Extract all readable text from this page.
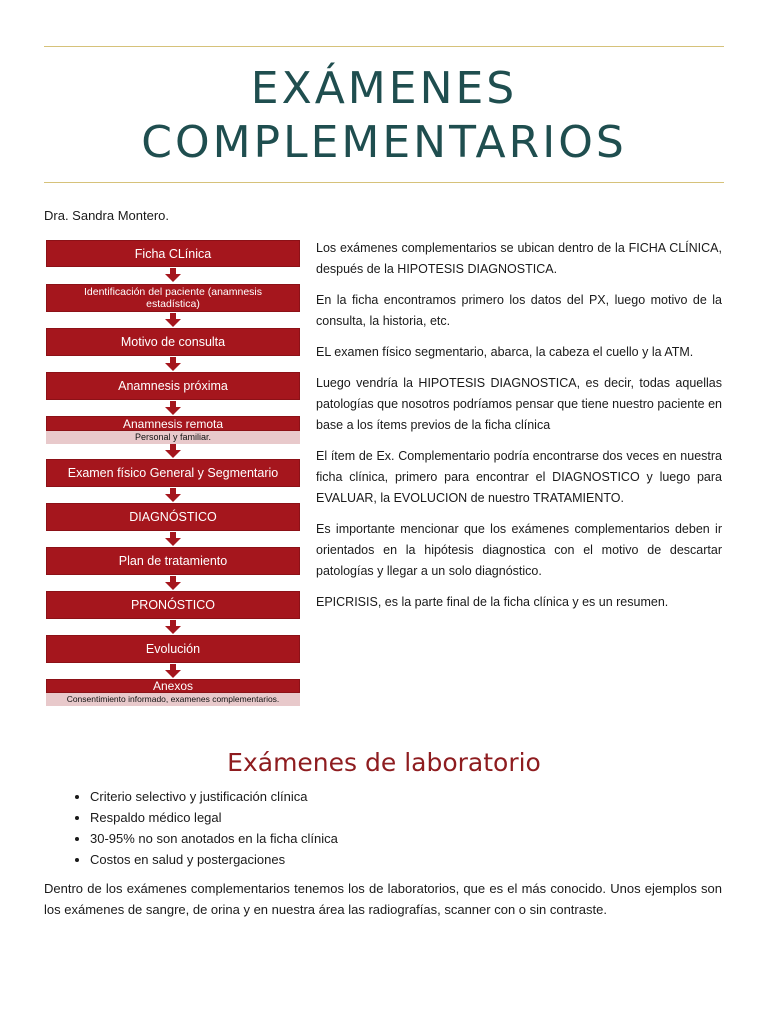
EXÁMENES
COMPLEMENTARIOS
Dra. Sandra Montero.
Ficha CLínica
Identificación del paciente (anamnesis estadística)
Motivo de consulta
Anamnesis próxima
Anamnesis remota
Personal y familiar.
Examen físico General y Segmentario
DIAGNÓSTICO
Plan de tratamiento
PRONÓSTICO
Evolución
Anexos
Consentimiento informado, examenes complementarios.

Los exámenes complementarios se ubican dentro de la FICHA CLÍNICA, después de la HIPOTESIS DIAGNOSTICA.

En la ficha encontramos primero los datos del PX, luego motivo de la consulta, la historia, etc.

EL examen físico segmentario, abarca, la cabeza el cuello y la ATM.

Luego vendría la HIPOTESIS DIAGNOSTICA, es decir, todas aquellas patologías que nosotros podríamos pensar que tiene nuestro paciente en base a los ítems previos de la ficha clínica

El ítem de Ex. Complementario podría encontrarse dos veces en nuestra ficha clínica, primero para encontrar el DIAGNOSTICO y luego para EVALUAR, la EVOLUCION de nuestro TRATAMIENTO.

Es importante mencionar que los exámenes complementarios deben ir orientados en la hipótesis diagnostica con el motivo de descartar patologías y llegar a un solo diagnóstico.

EPICRISIS, es la parte final de la ficha clínica y es un resumen.

Exámenes de laboratorio
• Criterio selectivo y justificación clínica
• Respaldo médico legal
• 30-95% no son anotados en la ficha clínica
• Costos en salud y postergaciones

Dentro de los exámenes complementarios tenemos los de laboratorios, que es el más conocido. Unos ejemplos son los exámenes de sangre, de orina y en nuestra área las radiografías, scanner con o sin contraste.
